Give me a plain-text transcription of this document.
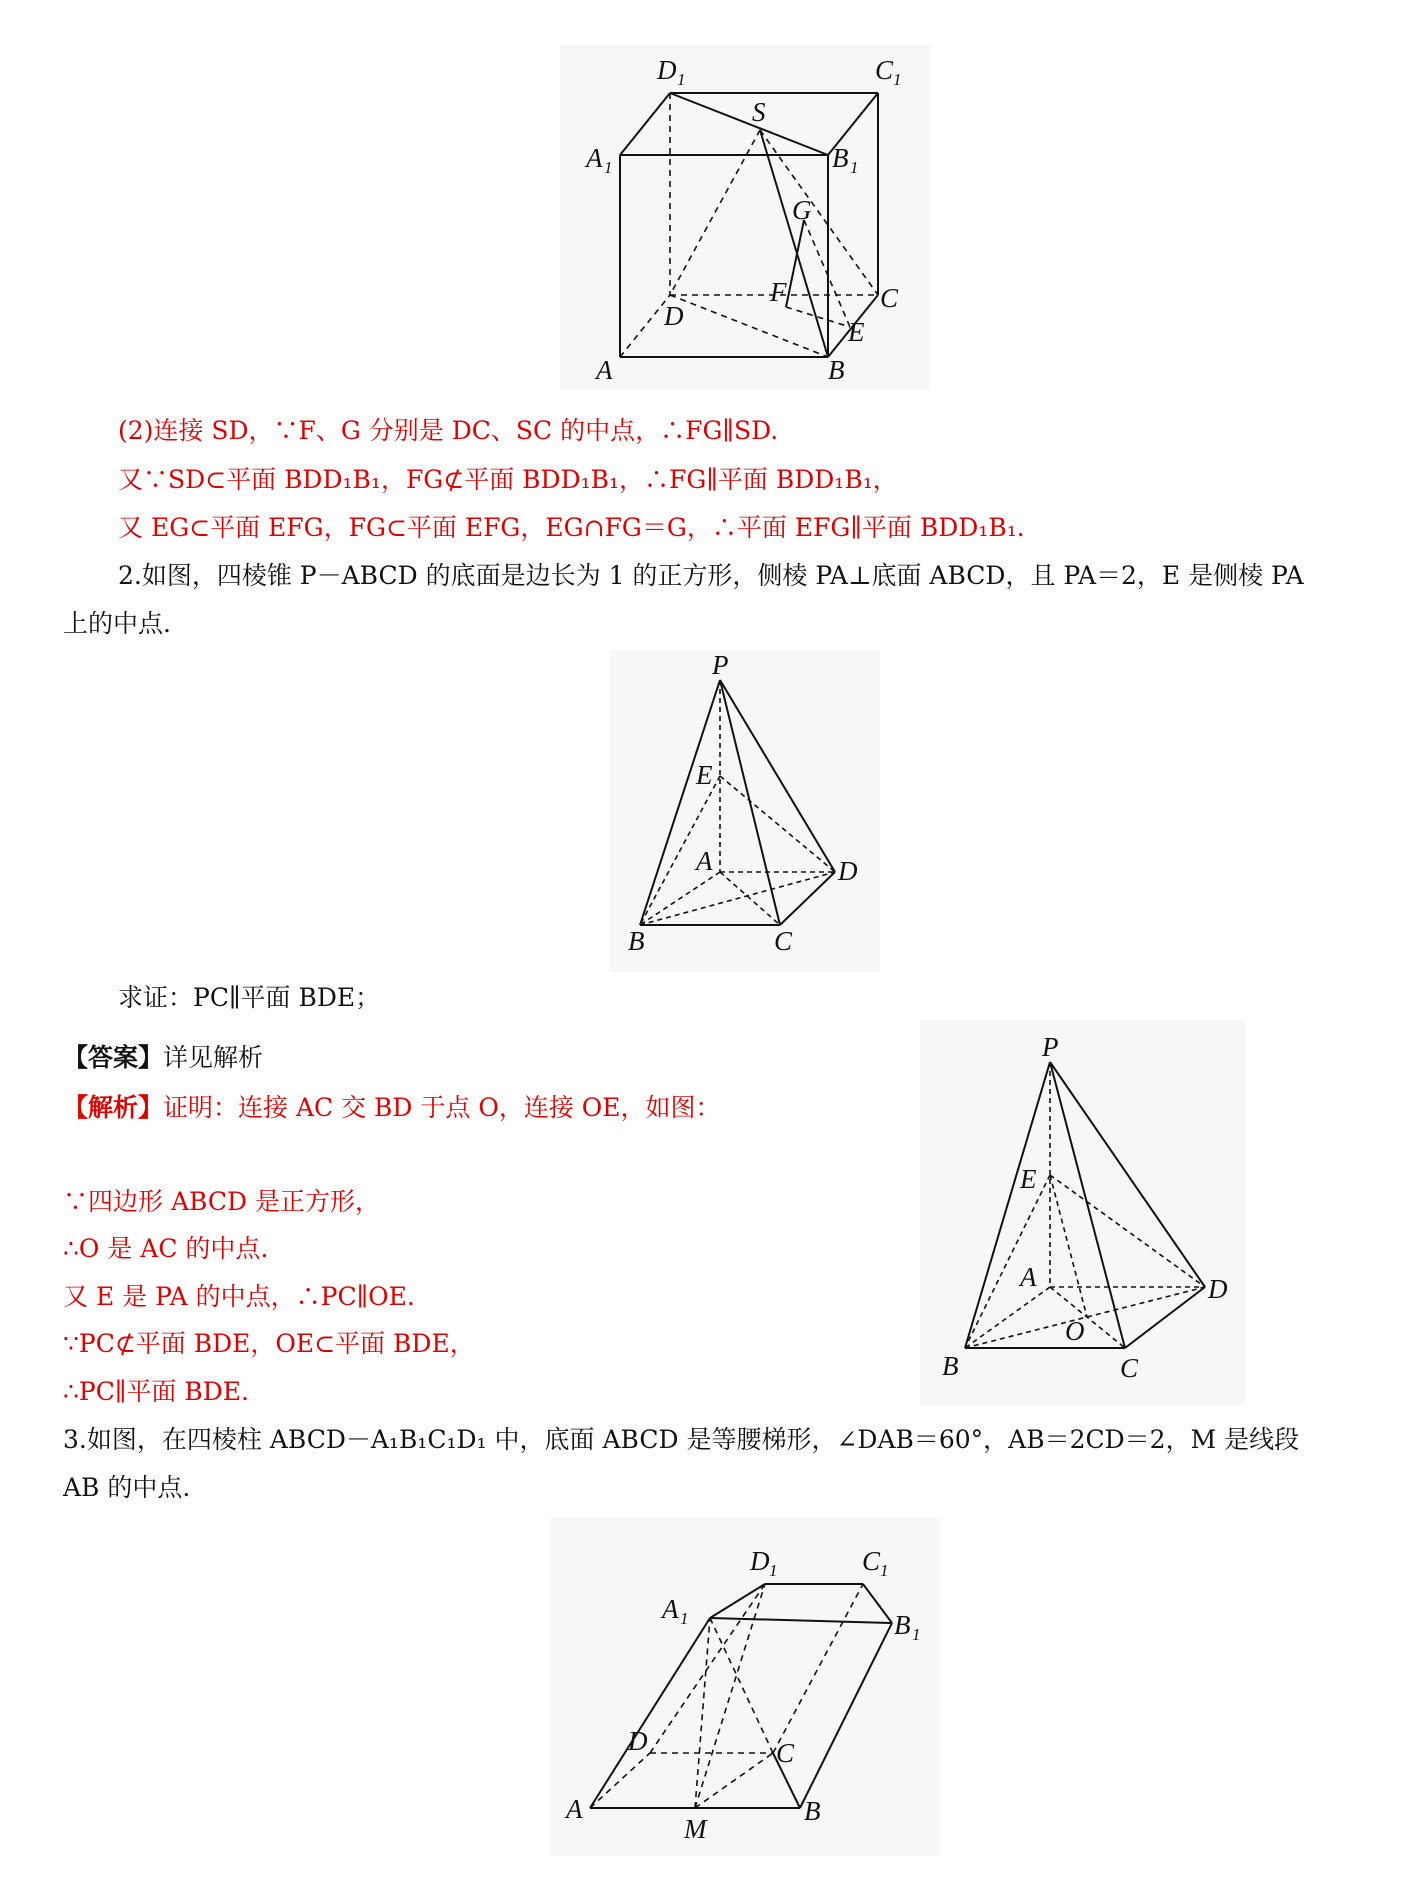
D 1	C 1
A 1	B 1
S
G
F
D
C
E
A	B
(2)连接 SD，∵F、G 分别是 DC、SC 的中点，∴FG∥SD.
又∵SD⊂平面 BDD₁B₁，FG⊄平面 BDD₁B₁，∴FG∥平面 BDD₁B₁，
又 EG⊂平面 EFG，FG⊂平面 EFG，EG∩FG＝G，∴平面 EFG∥平面 BDD₁B₁.
2.如图，四棱锥 P－ABCD 的底面是边长为 1 的正方形，侧棱 PA⊥底面 ABCD，且 PA＝2，E 是侧棱 PA
上的中点.
P
E
A	D
B	C
求证：PC∥平面 BDE；
【答案】详见解析
【解析】证明：连接 AC 交 BD 于点 O，连接 OE，如图：
∵四边形 ABCD 是正方形，
∴O 是 AC 的中点.
又 E 是 PA 的中点，∴PC∥OE.
∵PC⊄平面 BDE，OE⊂平面 BDE，
∴PC∥平面 BDE.
P
E
A	D
O
B	C
3.如图，在四棱柱 ABCD－A₁B₁C₁D₁ 中，底面 ABCD 是等腰梯形，∠DAB＝60°，AB＝2CD＝2，M 是线段
AB 的中点.
D 1	C 1
A 1	B 1
D	C
A
M
B
